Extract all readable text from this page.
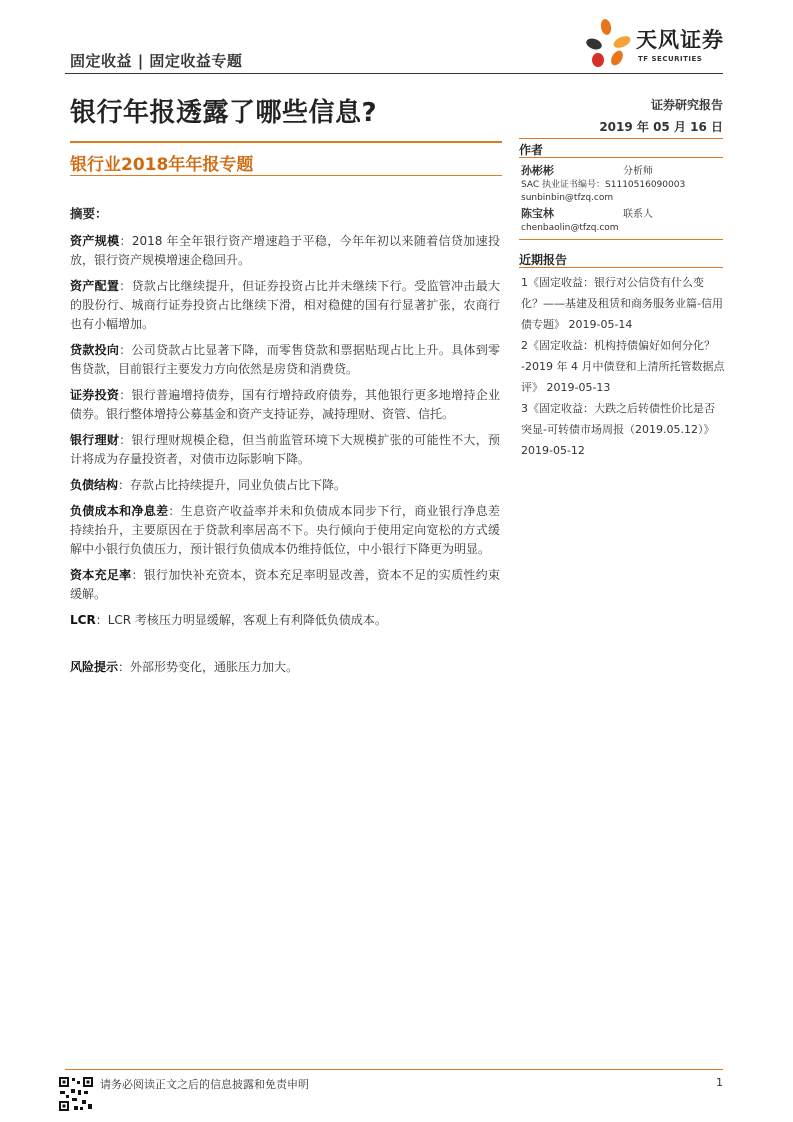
固定收益 | 固定收益专题
天风证券
TF SECURITIES
银行年报透露了哪些信息?	证券研究报告
2019 年 05 月 16 日
银行业2018年年报专题
作者
孙彬彬	分析师
SAC 执业证书编号：S1110516090003
sunbinbin@tfzq.com
陈宝林	联系人
chenbaolin@tfzq.com
近期报告
1《固定收益：银行对公信贷有什么变化？——基建及租赁和商务服务业篇-信用债专题》 2019-05-14
2《固定收益：机构持债偏好如何分化？ -2019 年 4 月中债登和上清所托管数据点评》 2019-05-13
3《固定收益：大跌之后转债性价比是否突显-可转债市场周报（2019.05.12）》 2019-05-12
摘要：

资产规模：2018 年全年银行资产增速趋于平稳，今年年初以来随着信贷加速投放，银行资产规模增速企稳回升。

资产配置：贷款占比继续提升，但证券投资占比并未继续下行。受监管冲击最大的股份行、城商行证券投资占比继续下滑，相对稳健的国有行显著扩张，农商行也有小幅增加。

贷款投向：公司贷款占比显著下降，而零售贷款和票据贴现占比上升。具体到零售贷款，目前银行主要发力方向依然是房贷和消费贷。

证券投资：银行普遍增持债券，国有行增持政府债券，其他银行更多地增持企业债券。银行整体增持公募基金和资产支持证券，减持理财、资管、信托。

银行理财：银行理财规模企稳，但当前监管环境下大规模扩张的可能性不大，预计将成为存量投资者，对债市边际影响下降。

负债结构：存款占比持续提升，同业负债占比下降。

负债成本和净息差：生息资产收益率并未和负债成本同步下行，商业银行净息差持续抬升，主要原因在于贷款利率居高不下。央行倾向于使用定向宽松的方式缓解中小银行负债压力，预计银行负债成本仍维持低位，中小银行下降更为明显。

资本充足率：银行加快补充资本，资本充足率明显改善，资本不足的实质性约束缓解。

LCR：LCR 考核压力明显缓解，客观上有利降低负债成本。

风险提示：外部形势变化，通胀压力加大。

请务必阅读正文之后的信息披露和免责申明	1
